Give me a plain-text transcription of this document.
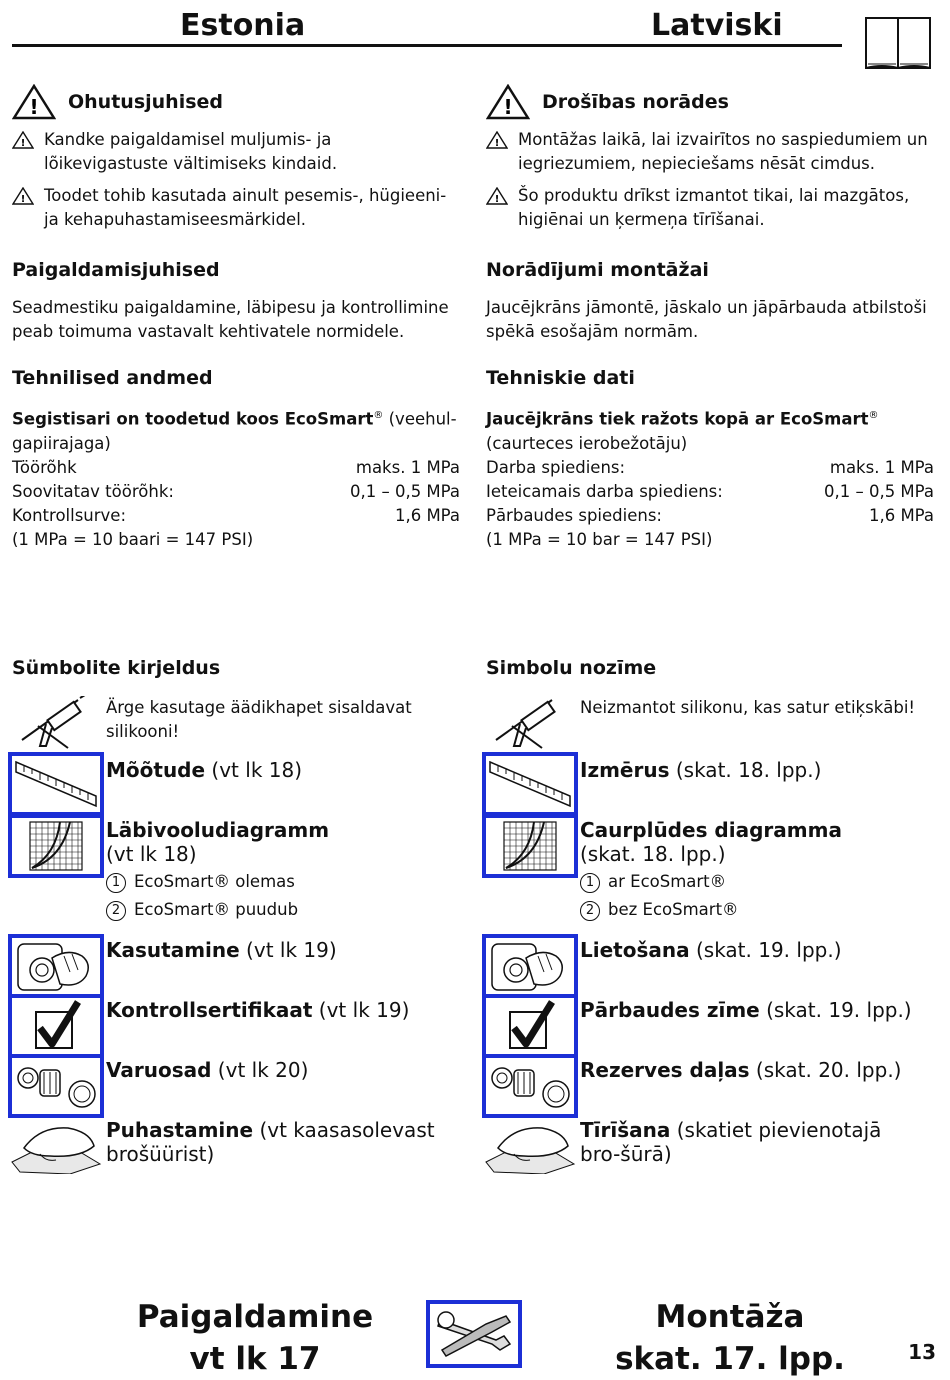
Estonia	Latviski
! Ohutusjuhised
! Kandke paigaldamisel muljumis- ja lõikevigastuste vältimiseks kindaid.

! Toodet tohib kasutada ainult pesemis-, hügieeni- ja kehapuhastamiseesmärkidel.

Paigaldamisjuhised

Seadmestiku paigaldamine, läbipesu ja kontrollimine peab toimuma vastavalt kehtivatele normidele.

Tehnilised andmed

Segistisari on toodetud koos EcoSmart® (veehul-gapiirajaga)

Töörõhk	maks. 1 MPa
Soovitatav töörõhk:	0,1 – 0,5 MPa
Kontrollsurve:	1,6 MPa

(1 MPa = 10 baari = 147 PSI)

! Drošības norādes
! Montāžas laikā, lai izvairītos no saspiedumiem un iegriezumiem, nepieciešams nēsāt cimdus.

! Šo produktu drīkst izmantot tikai, lai mazgātos, higiēnai un ķermeņa tīrīšanai.

Norādījumi montāžai

Jaucējkrāns jāmontē, jāskalo un jāpārbauda atbilstoši spēkā esošajām normām.

Tehniskie dati

Jaucējkrāns tiek ražots kopā ar EcoSmart®
(caurteces ierobežotāju)

Darba spiediens:	maks. 1 MPa
Ieteicamais darba spiediens:	0,1 – 0,5 MPa
Pārbaudes spiediens:	1,6 MPa

(1 MPa = 10 bar = 147 PSI)

Sümbolite kirjeldus
Ärge kasutage äädikhapet sisaldavat silikooni!
Mõõtude (vt lk 18)
Läbivooludiagramm
(vt lk 18)
1 EcoSmart® olemas
2 EcoSmart® puudub
Kasutamine (vt lk 19)
Kontrollsertifikaat (vt lk 19)
Varuosad (vt lk 20)
Puhastamine (vt kaasasolevast brošüürist)
Simbolu nozīme
Neizmantot silikonu, kas satur etiķskābi!
Izmērus (skat. 18. lpp.)
Caurplūdes diagramma
(skat. 18. lpp.)
1 ar EcoSmart®
2 bez EcoSmart®
Lietošana (skat. 19. lpp.)
Pārbaudes zīme (skat. 19. lpp.)
Rezerves daļas (skat. 20. lpp.)
Tīrīšana (skatiet pievienotajā bro-šūrā)
Paigaldamine
vt lk 17
Montāža
skat. 17. lpp.	13
